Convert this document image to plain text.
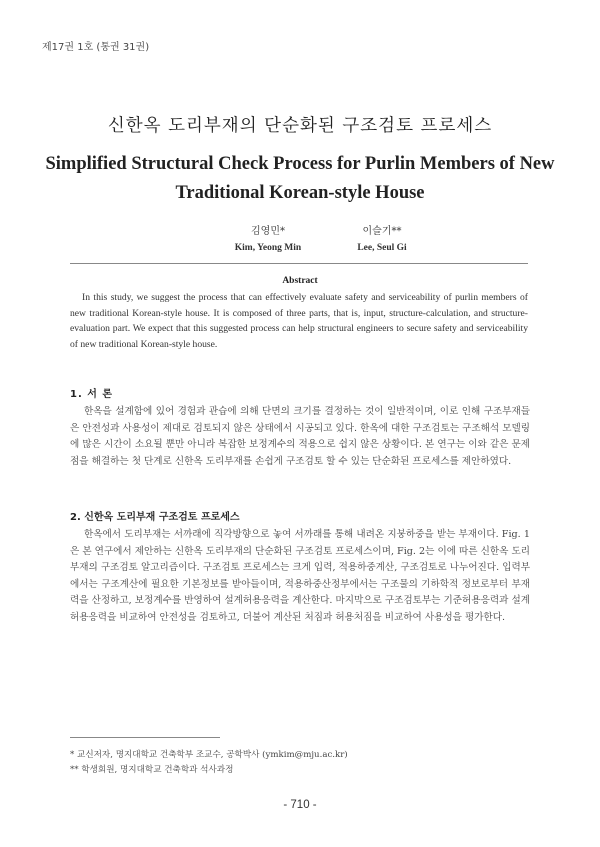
제17권 1호 (통권 31권)
신한옥 도리부재의 단순화된 구조검토 프로세스
Simplified Structural Check Process for Purlin Members of New Traditional Korean-style House
김영민*
Kim, Yeong Min
이슬기**
Lee, Seul Gi
Abstract
In this study, we suggest the process that can effectively evaluate safety and serviceability of purlin members of new traditional Korean-style house. It is composed of three parts, that is, input, structure-calculation, and structure-evaluation part. We expect that this suggested process can help structural engineers to secure safety and serviceability of new traditional Korean-style house.
1. 서 론
한옥을 설계함에 있어 경험과 관습에 의해 단면의 크기를 결정하는 것이 일반적이며, 이로 인해 구조부재들은 안전성과 사용성이 제대로 검토되지 않은 상태에서 시공되고 있다. 한옥에 대한 구조검토는 구조해석 모델링에 많은 시간이 소요될 뿐만 아니라 복잡한 보정계수의 적용으로 쉽지 않은 상황이다. 본 연구는 이와 같은 문제점을 해결하는 첫 단계로 신한옥 도리부재를 손쉽게 구조검토 할 수 있는 단순화된 프로세스를 제안하였다.
2. 신한옥 도리부재 구조검토 프로세스
한옥에서 도리부재는 서까래에 직각방향으로 놓여 서까래를 통해 내려온 지붕하중을 받는 부재이다. Fig. 1은 본 연구에서 제안하는 신한옥 도리부재의 단순화된 구조검토 프로세스이며, Fig. 2는 이에 따른 신한옥 도리부재의 구조검토 알고리즘이다. 구조검토 프로세스는 크게 입력, 적용하중계산, 구조검토로 나누어진다. 입력부에서는 구조계산에 필요한 기본정보를 받아들이며, 적용하중산정부에서는 구조물의 기하학적 정보로부터 부재력을 산정하고, 보정계수를 반영하여 설계허용응력을 계산한다. 마지막으로 구조검토부는 기준허용응력과 설계허용응력을 비교하여 안전성을 검토하고, 더불어 계산된 처짐과 허용처짐을 비교하여 사용성을 평가한다.
* 교신저자, 명지대학교 건축학부 조교수, 공학박사 (ymkim@mju.ac.kr)
** 학생회원, 명지대학교 건축학과 석사과정
- 710 -
